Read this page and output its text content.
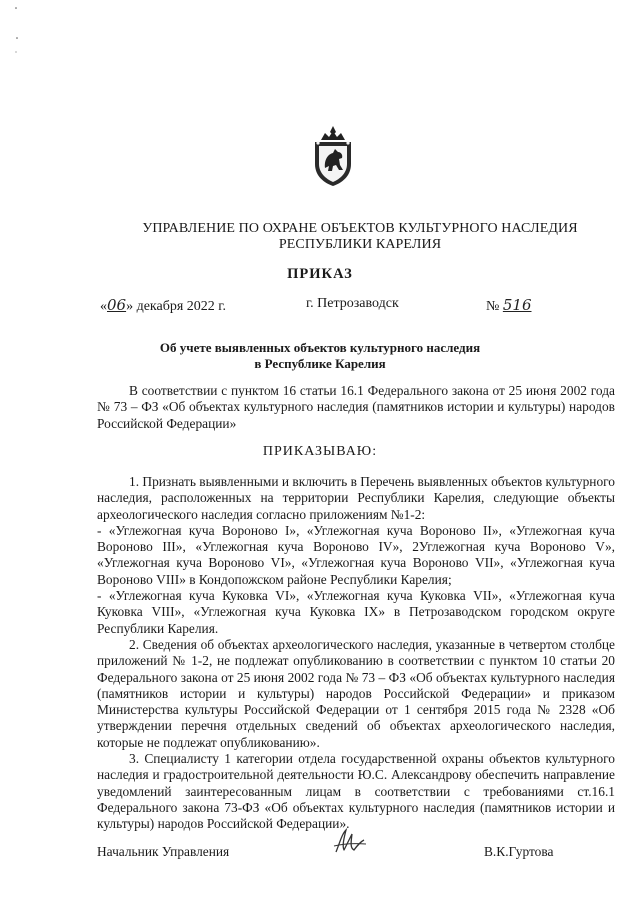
УПРАВЛЕНИЕ ПО ОХРАНЕ ОБЪЕКТОВ КУЛЬТУРНОГО НАСЛЕДИЯ
РЕСПУБЛИКИ КАРЕЛИЯ
ПРИКАЗ
«06» декабря 2022 г.	г. Петрозаводск	№ 516
Об учете выявленных объектов культурного наследия
в Республике Карелия

В соответствии с пунктом 16 статьи 16.1 Федерального закона от 25 июня 2002 года № 73 – ФЗ «Об объектах культурного наследия (памятников истории и культуры) народов Российской Федерации»

ПРИКАЗЫВАЮ:

1. Признать выявленными и включить в Перечень выявленных объектов культурного наследия, расположенных на территории Республики Карелия, следующие объекты археологического наследия согласно приложениям №1-2:

- «Углежогная куча Вороново I», «Углежогная куча Вороново II», «Углежогная куча Вороново III», «Углежогная куча Вороново IV», 2Углежогная куча Вороново V», «Углежогная куча Вороново VI», «Углежогная куча Вороново VII», «Углежогная куча Вороново VIII» в Кондопожском районе Республики Карелия;

- «Углежогная куча Куковка VI», «Углежогная куча Куковка VII», «Углежогная куча Куковка VIII», «Углежогная куча Куковка IX» в Петрозаводском городском округе Республики Карелия.

2. Сведения об объектах археологического наследия, указанные в четвертом столбце приложений № 1-2, не подлежат опубликованию в соответствии с пунктом 10 статьи 20 Федерального закона от 25 июня 2002 года № 73 – ФЗ «Об объектах культурного наследия (памятников истории и культуры) народов Российской Федерации» и приказом Министерства культуры Российской Федерации от 1 сентября 2015 года № 2328 «Об утверждении перечня отдельных сведений об объектах археологического наследия, которые не подлежат опубликованию».

3. Специалисту 1 категории отдела государственной охраны объектов культурного наследия и градостроительной деятельности Ю.С. Александрову обеспечить направление уведомлений заинтересованным лицам в соответствии с требованиями ст.16.1 Федерального закона 73-ФЗ «Об объектах культурного наследия (памятников истории и культуры) народов Российской Федерации».

Начальник Управления	В.К.Гуртова
